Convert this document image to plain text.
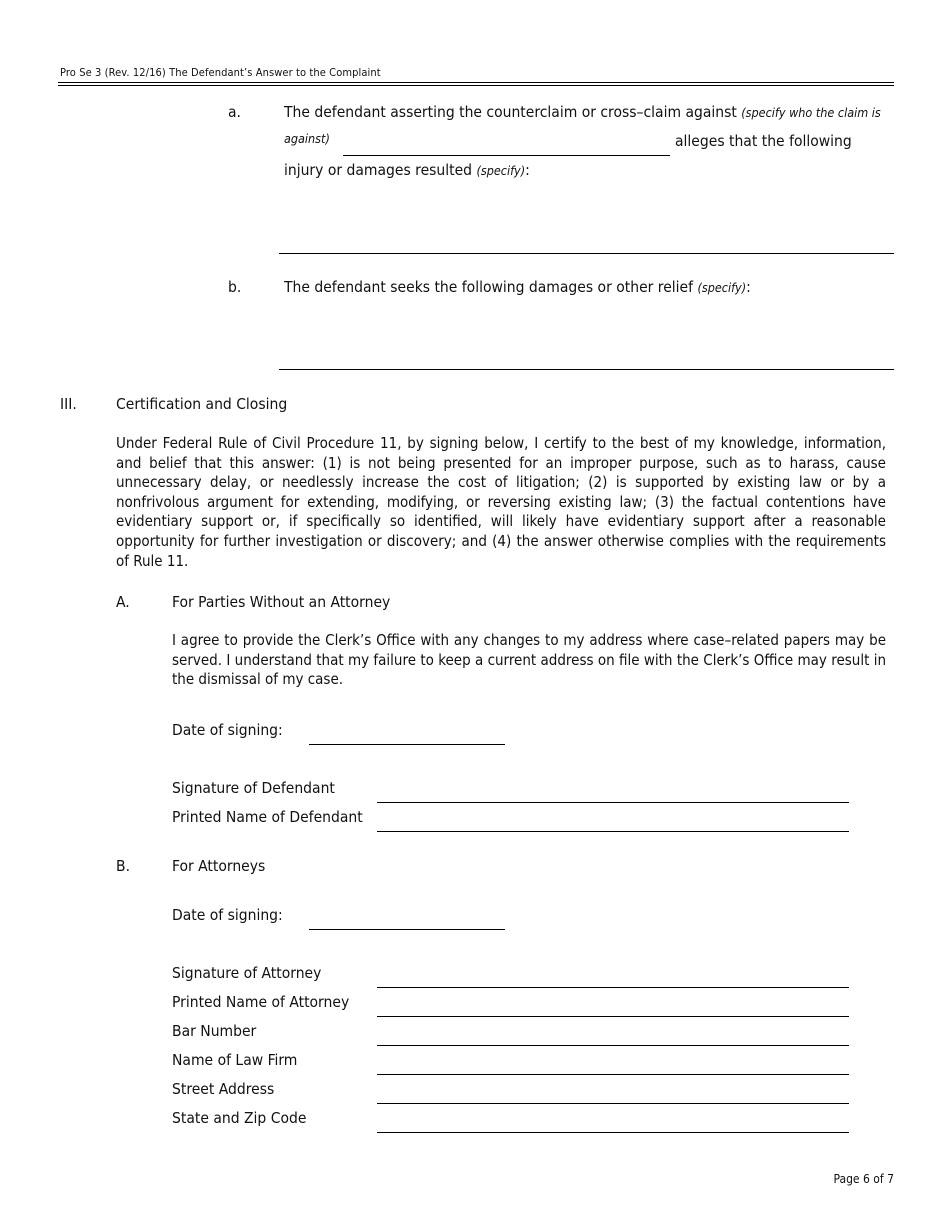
Pro Se 3 (Rev. 12/16) The Defendant’s Answer to the Complaint
a.	The defendant asserting the counterclaim or cross–claim against (specify who the claim is
against)	alleges that the following
injury or damages resulted (specify):
b.	The defendant seeks the following damages or other relief (specify):
III.	Certification and Closing
Under Federal Rule of Civil Procedure 11, by signing below, I certify to the best of my knowledge, information, and belief that this answer: (1) is not being presented for an improper purpose, such as to harass, cause unnecessary delay, or needlessly increase the cost of litigation; (2) is supported by existing law or by a nonfrivolous argument for extending, modifying, or reversing existing law; (3) the factual contentions have evidentiary support or, if specifically so identified, will likely have evidentiary support after a reasonable opportunity for further investigation or discovery; and (4) the answer otherwise complies with the requirements of Rule 11.
A.	For Parties Without an Attorney
I agree to provide the Clerk’s Office with any changes to my address where case–related papers may be served. I understand that my failure to keep a current address on file with the Clerk’s Office may result in the dismissal of my case.
Date of signing:
Signature of Defendant
Printed Name of Defendant
B.	For Attorneys
Date of signing:
Signature of Attorney
Printed Name of Attorney
Bar Number
Name of Law Firm
Street Address
State and Zip Code
Page 6 of 7
